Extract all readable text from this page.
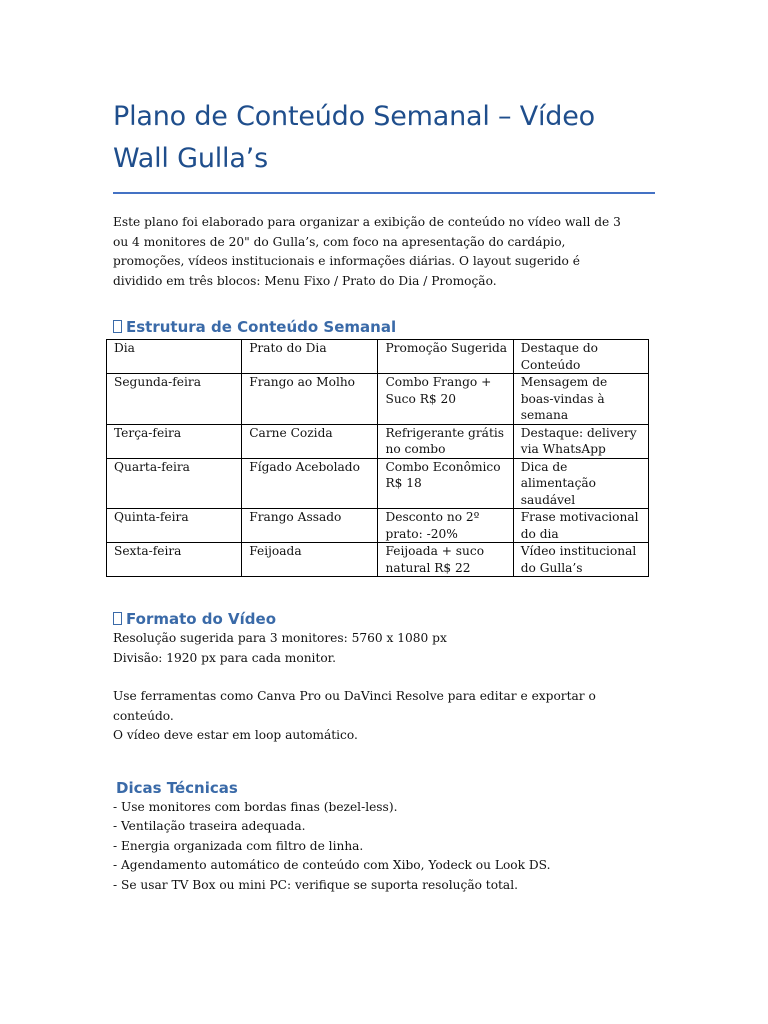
Plano de Conteúdo Semanal – Vídeo
Wall Gulla’s

Este plano foi elaborado para organizar a exibição de conteúdo no vídeo wall de 3 ou 4 monitores de 20" do Gulla’s, com foco na apresentação do cardápio, promoções, vídeos institucionais e informações diárias. O layout sugerido é dividido em três blocos: Menu Fixo / Prato do Dia / Promoção.

Estrutura de Conteúdo Semanal
Dia	Prato do Dia	Promoção Sugerida	Destaque do Conteúdo
Segunda-feira	Frango ao Molho	Combo Frango + Suco R$ 20	Mensagem de boas-vindas à semana
Terça-feira	Carne Cozida	Refrigerante grátis no combo	Destaque: delivery via WhatsApp
Quarta-feira	Fígado Acebolado	Combo Econômico R$ 18	Dica de alimentação saudável
Quinta-feira	Frango Assado	Desconto no 2º prato: -20%	Frase motivacional do dia
Sexta-feira	Feijoada	Feijoada + suco natural R$ 22	Vídeo institucional do Gulla’s
Formato do Vídeo
Resolução sugerida para 3 monitores: 5760 x 1080 px
Divisão: 1920 px para cada monitor.
Use ferramentas como Canva Pro ou DaVinci Resolve para editar e exportar o conteúdo.
O vídeo deve estar em loop automático.
Dicas Técnicas
- Use monitores com bordas finas (bezel-less).
- Ventilação traseira adequada.
- Energia organizada com filtro de linha.
- Agendamento automático de conteúdo com Xibo, Yodeck ou Look DS.
- Se usar TV Box ou mini PC: verifique se suporta resolução total.
